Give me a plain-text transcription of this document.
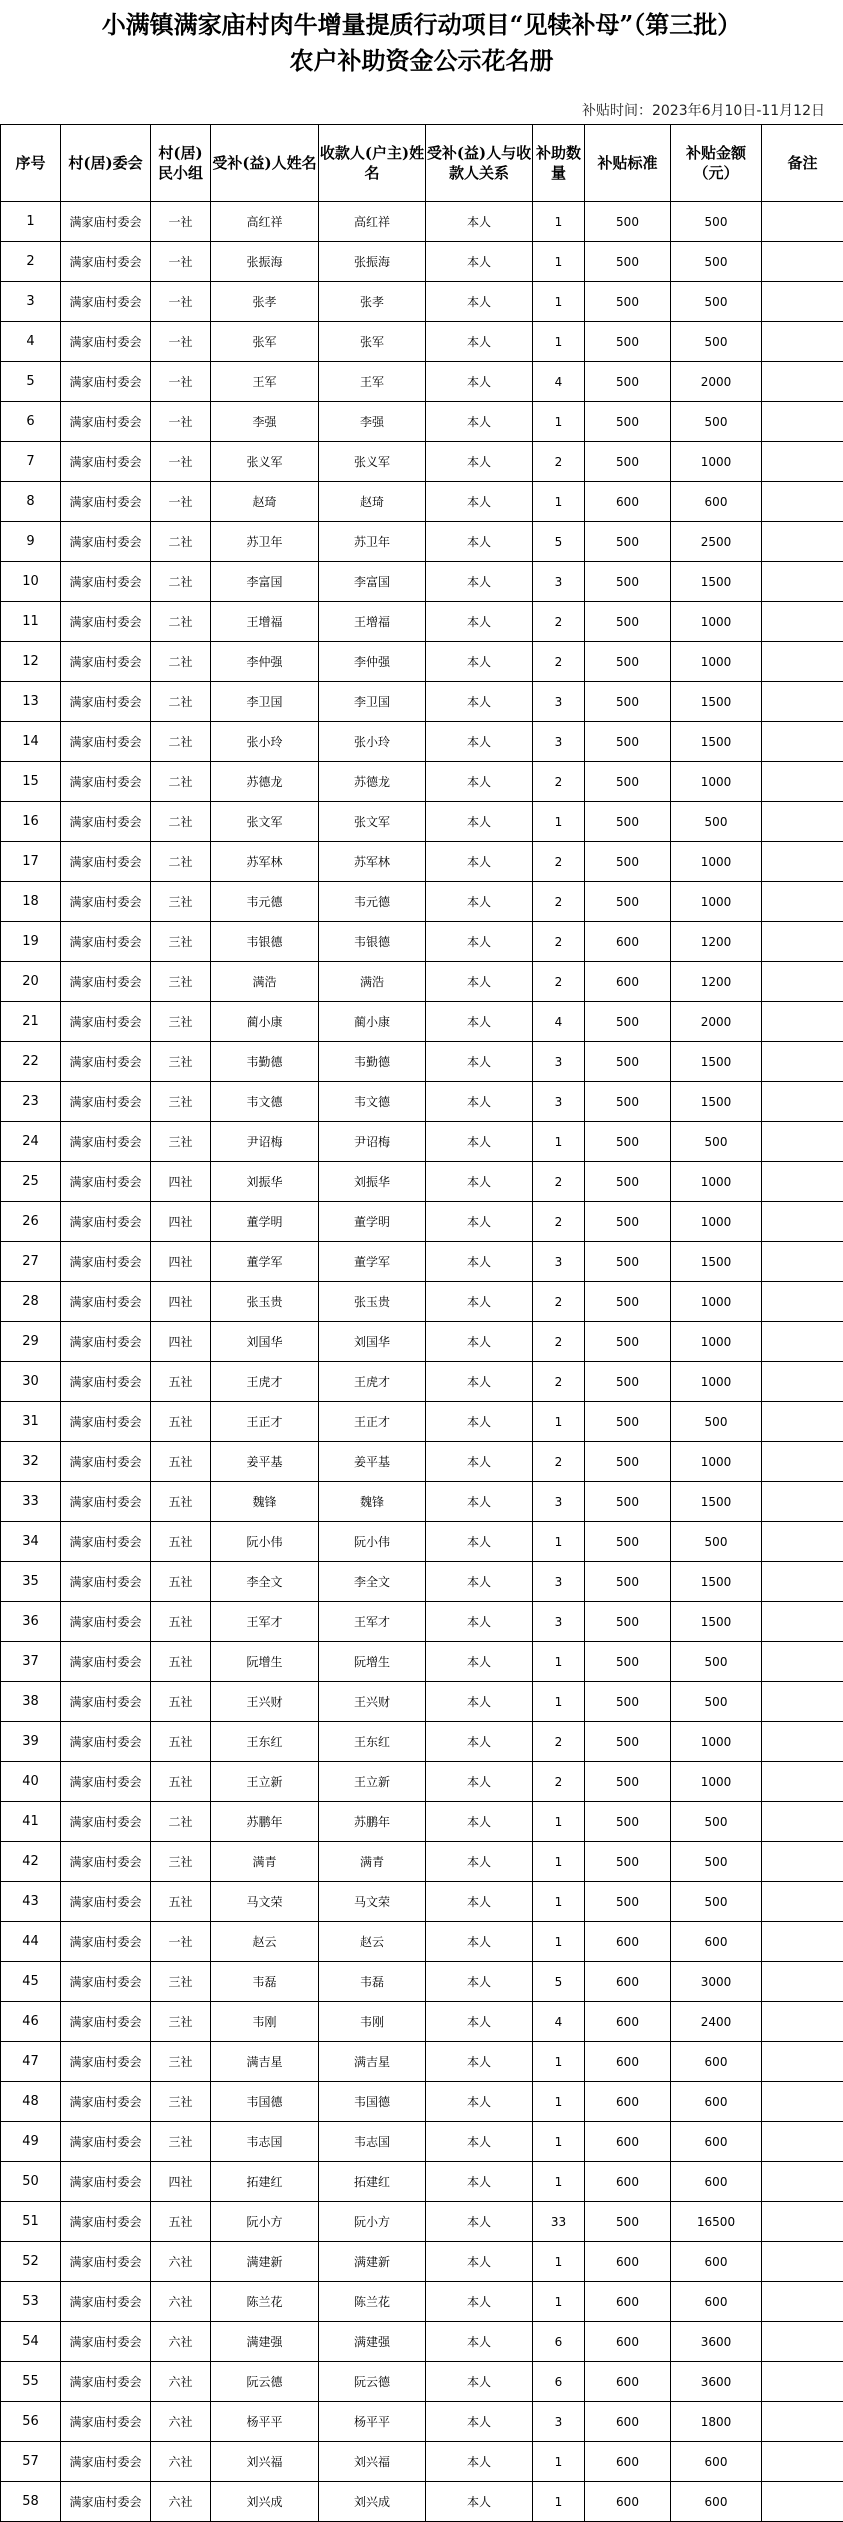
小满镇满家庙村肉牛增量提质行动项目“见犊补母”（第三批）
农户补助资金公示花名册
补贴时间：2023年6月10日-11月12日
序号	村(居)委会	村(居)民小组	受补(益)人姓名	收款人(户主)姓名	受补(益)人与收款人关系	补助数量	补贴标准	补贴金额（元）	备注
1	满家庙村委会	一社	高红祥	高红祥	本人	1	500	500	
2	满家庙村委会	一社	张振海	张振海	本人	1	500	500	
3	满家庙村委会	一社	张孝	张孝	本人	1	500	500	
4	满家庙村委会	一社	张军	张军	本人	1	500	500	
5	满家庙村委会	一社	王军	王军	本人	4	500	2000	
6	满家庙村委会	一社	李强	李强	本人	1	500	500	
7	满家庙村委会	一社	张义军	张义军	本人	2	500	1000	
8	满家庙村委会	一社	赵琦	赵琦	本人	1	600	600	
9	满家庙村委会	二社	苏卫年	苏卫年	本人	5	500	2500	
10	满家庙村委会	二社	李富国	李富国	本人	3	500	1500	
11	满家庙村委会	二社	王增福	王增福	本人	2	500	1000	
12	满家庙村委会	二社	李仲强	李仲强	本人	2	500	1000	
13	满家庙村委会	二社	李卫国	李卫国	本人	3	500	1500	
14	满家庙村委会	二社	张小玲	张小玲	本人	3	500	1500	
15	满家庙村委会	二社	苏德龙	苏德龙	本人	2	500	1000	
16	满家庙村委会	二社	张文军	张文军	本人	1	500	500	
17	满家庙村委会	二社	苏军林	苏军林	本人	2	500	1000	
18	满家庙村委会	三社	韦元德	韦元德	本人	2	500	1000	
19	满家庙村委会	三社	韦银德	韦银德	本人	2	600	1200	
20	满家庙村委会	三社	满浩	满浩	本人	2	600	1200	
21	满家庙村委会	三社	蔺小康	蔺小康	本人	4	500	2000	
22	满家庙村委会	三社	韦勤德	韦勤德	本人	3	500	1500	
23	满家庙村委会	三社	韦文德	韦文德	本人	3	500	1500	
24	满家庙村委会	三社	尹诏梅	尹诏梅	本人	1	500	500	
25	满家庙村委会	四社	刘振华	刘振华	本人	2	500	1000	
26	满家庙村委会	四社	董学明	董学明	本人	2	500	1000	
27	满家庙村委会	四社	董学军	董学军	本人	3	500	1500	
28	满家庙村委会	四社	张玉贵	张玉贵	本人	2	500	1000	
29	满家庙村委会	四社	刘国华	刘国华	本人	2	500	1000	
30	满家庙村委会	五社	王虎才	王虎才	本人	2	500	1000	
31	满家庙村委会	五社	王正才	王正才	本人	1	500	500	
32	满家庙村委会	五社	姜平基	姜平基	本人	2	500	1000	
33	满家庙村委会	五社	魏锋	魏锋	本人	3	500	1500	
34	满家庙村委会	五社	阮小伟	阮小伟	本人	1	500	500	
35	满家庙村委会	五社	李全文	李全文	本人	3	500	1500	
36	满家庙村委会	五社	王军才	王军才	本人	3	500	1500	
37	满家庙村委会	五社	阮增生	阮增生	本人	1	500	500	
38	满家庙村委会	五社	王兴财	王兴财	本人	1	500	500	
39	满家庙村委会	五社	王东红	王东红	本人	2	500	1000	
40	满家庙村委会	五社	王立新	王立新	本人	2	500	1000	
41	满家庙村委会	二社	苏鹏年	苏鹏年	本人	1	500	500	
42	满家庙村委会	三社	满青	满青	本人	1	500	500	
43	满家庙村委会	五社	马文荣	马文荣	本人	1	500	500	
44	满家庙村委会	一社	赵云	赵云	本人	1	600	600	
45	满家庙村委会	三社	韦磊	韦磊	本人	5	600	3000	
46	满家庙村委会	三社	韦刚	韦刚	本人	4	600	2400	
47	满家庙村委会	三社	满吉星	满吉星	本人	1	600	600	
48	满家庙村委会	三社	韦国德	韦国德	本人	1	600	600	
49	满家庙村委会	三社	韦志国	韦志国	本人	1	600	600	
50	满家庙村委会	四社	拓建红	拓建红	本人	1	600	600	
51	满家庙村委会	五社	阮小方	阮小方	本人	33	500	16500	
52	满家庙村委会	六社	满建新	满建新	本人	1	600	600	
53	满家庙村委会	六社	陈兰花	陈兰花	本人	1	600	600	
54	满家庙村委会	六社	满建强	满建强	本人	6	600	3600	
55	满家庙村委会	六社	阮云德	阮云德	本人	6	600	3600	
56	满家庙村委会	六社	杨平平	杨平平	本人	3	600	1800	
57	满家庙村委会	六社	刘兴福	刘兴福	本人	1	600	600	
58	满家庙村委会	六社	刘兴成	刘兴成	本人	1	600	600	
